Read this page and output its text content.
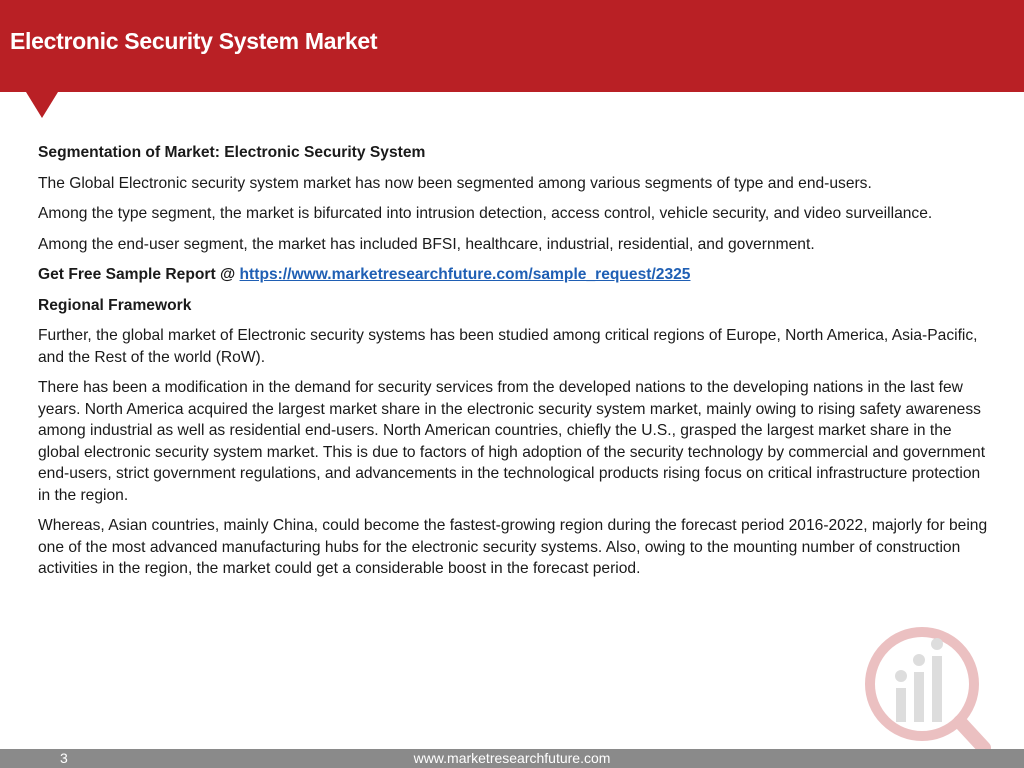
Electronic Security System Market

Segmentation of Market: Electronic Security System

The Global Electronic security system market has now been segmented among various segments of type and end-users.

Among the type segment, the market is bifurcated into intrusion detection, access control, vehicle security, and video surveillance.

Among the end-user segment, the market has included BFSI, healthcare, industrial, residential, and government.

Get Free Sample Report @ https://www.marketresearchfuture.com/sample_request/2325

Regional Framework

Further, the global market of Electronic security systems has been studied among critical regions of Europe, North America, Asia-Pacific, and the Rest of the world (RoW).

There has been a modification in the demand for security services from the developed nations to the developing nations in the last few years. North America acquired the largest market share in the electronic security system market, mainly owing to rising safety awareness among industrial as well as residential end-users. North American countries, chiefly the U.S., grasped the largest market share in the global electronic security system market. This is due to factors of high adoption of the security technology by commercial and government end-users, strict government regulations, and advancements in the technological products rising focus on critical infrastructure protection in the region.

Whereas, Asian countries, mainly China, could become the fastest-growing region during the forecast period 2016-2022, majorly for being one of the most advanced manufacturing hubs for the electronic security systems. Also, owing to the mounting number of construction activities in the region, the market could get a considerable boost in the forecast period.

3	www.marketresearchfuture.com
